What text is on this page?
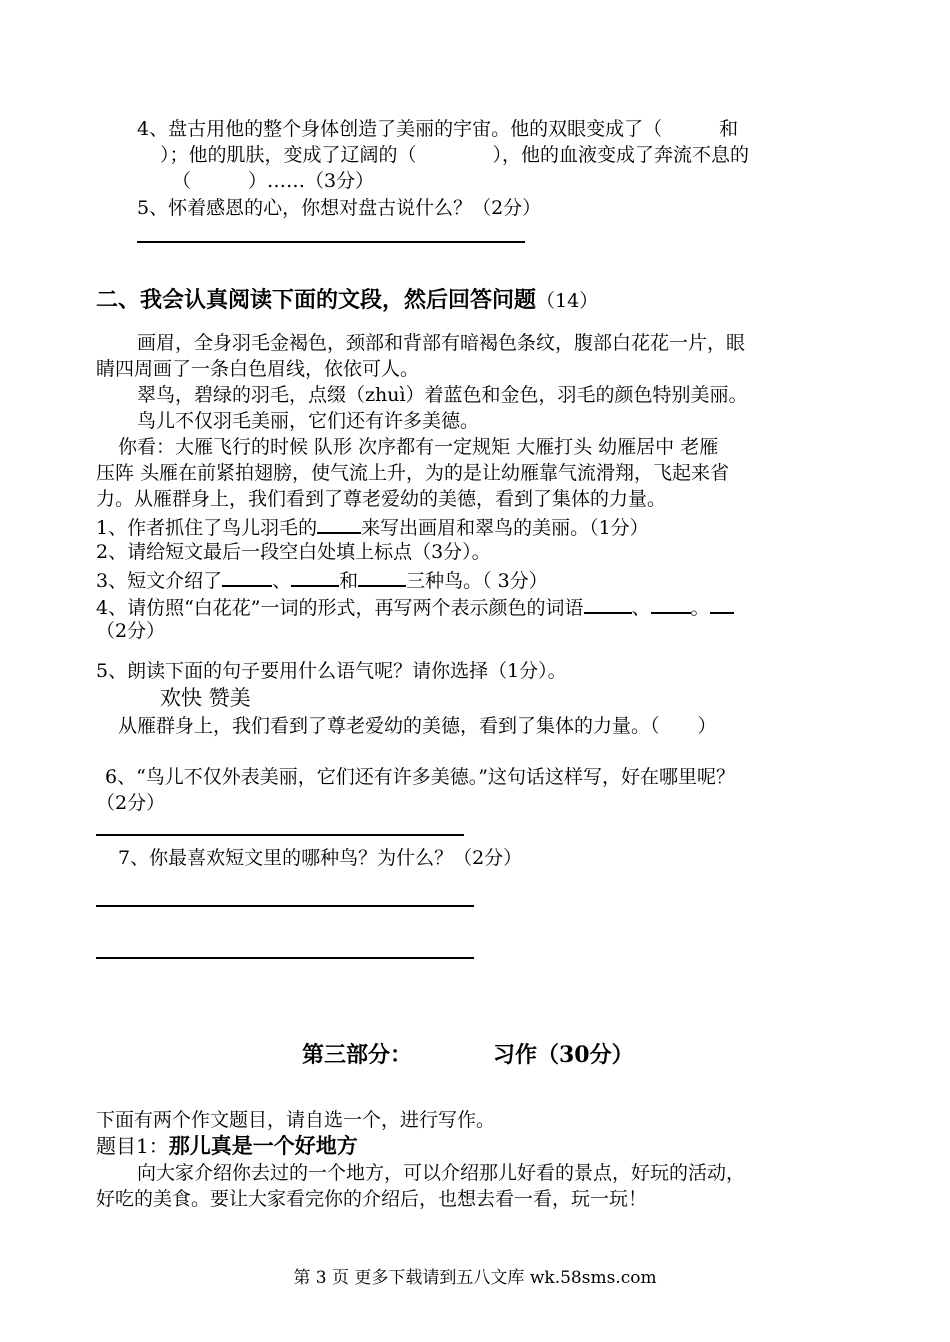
4、盘古用他的整个身体创造了美丽的宇宙。他的双眼变成了（　　　和
）；他的肌肤，变成了辽阔的（　　　　），他的血液变成了奔流不息的
（　　　）……（3分）
5、怀着感恩的心，你想对盘古说什么？（2分）
二、我会认真阅读下面的文段，然后回答问题（14）
画眉，全身羽毛金褐色，颈部和背部有暗褐色条纹，腹部白花花一片，眼
睛四周画了一条白色眉线，依依可人。
翠鸟，碧绿的羽毛，点缀（zhuì）着蓝色和金色，羽毛的颜色特别美丽。
鸟儿不仅羽毛美丽，它们还有许多美德。
你看：大雁飞行的时候 队形 次序都有一定规矩 大雁打头 幼雁居中 老雁
压阵 头雁在前紧拍翅膀，使气流上升，为的是让幼雁靠气流滑翔，飞起来省
力。从雁群身上，我们看到了尊老爱幼的美德，看到了集体的力量。
1、作者抓住了鸟儿羽毛的 来写出画眉和翠鸟的美丽。（1分）
2、请给短文最后一段空白处填上标点（3分）。
3、短文介绍了	、	和	三种鸟。（ 3分）
4、请仿照“白花花”一词的形式，再写两个表示颜色的词语	、 。
（2分）
5、朗读下面的句子要用什么语气呢？请你选择（1分）。
欢快 赞美
从雁群身上，我们看到了尊老爱幼的美德，看到了集体的力量。（　　）
6、“鸟儿不仅外表美丽，它们还有许多美德。”这句话这样写，好在哪里呢？
（2分）
7、你最喜欢短文里的哪种鸟？为什么？（2分）
第三部分：	习作（30分）
下面有两个作文题目，请自选一个，进行写作。
题目1：那儿真是一个好地方
向大家介绍你去过的一个地方，可以介绍那儿好看的景点，好玩的活动，
好吃的美食。要让大家看完你的介绍后，也想去看一看，玩一玩！
第 3 页 更多下载请到五八文库 wk.58sms.com
